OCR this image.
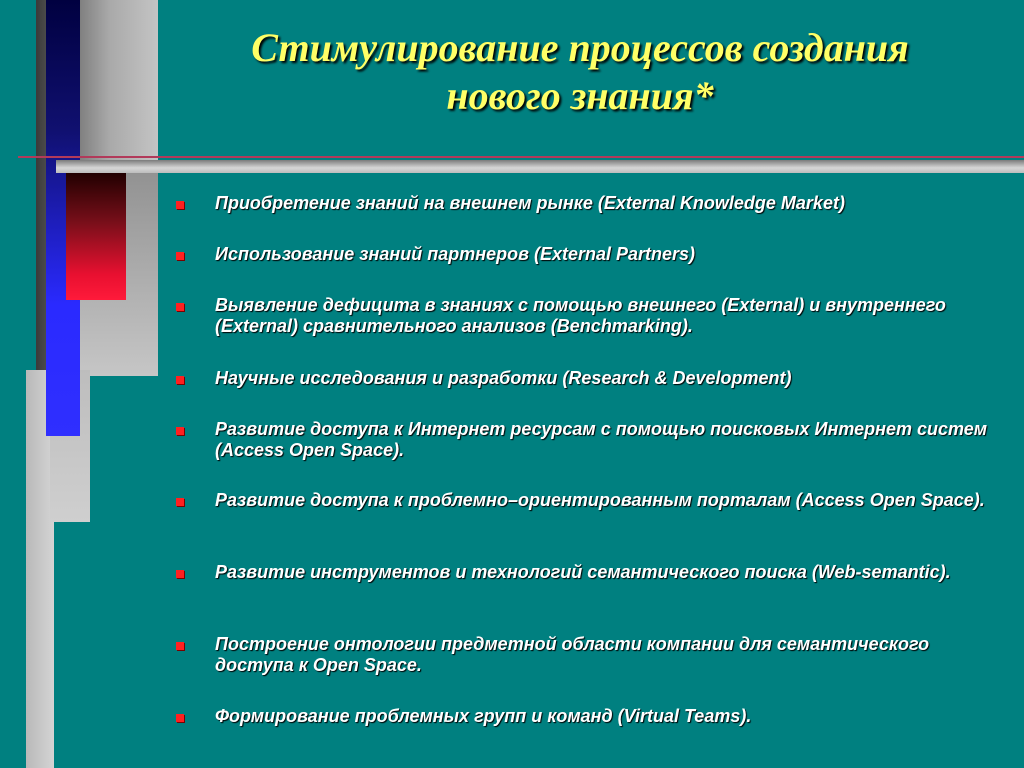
Стимулирование процессов создания
нового знания*
Приобретение знаний на внешнем рынке (External Knowledge Market)
Использование знаний партнеров (External Partners)
Выявление дефицита в знаниях с помощью внешнего (External) и внутреннего (External) сравнительного анализов (Benchmarking).
Научные исследования и разработки (Research & Development)
Развитие доступа к Интернет ресурсам с помощью поисковых Интернет систем (Access Open Space).
Развитие доступа к проблемно–ориентированным порталам (Access Open Space).
Развитие инструментов и технологий семантического поиска (Web-semantic).
Построение онтологии предметной области компании для семантического доступа к Open Space.
Формирование проблемных групп и команд (Virtual Teams).
